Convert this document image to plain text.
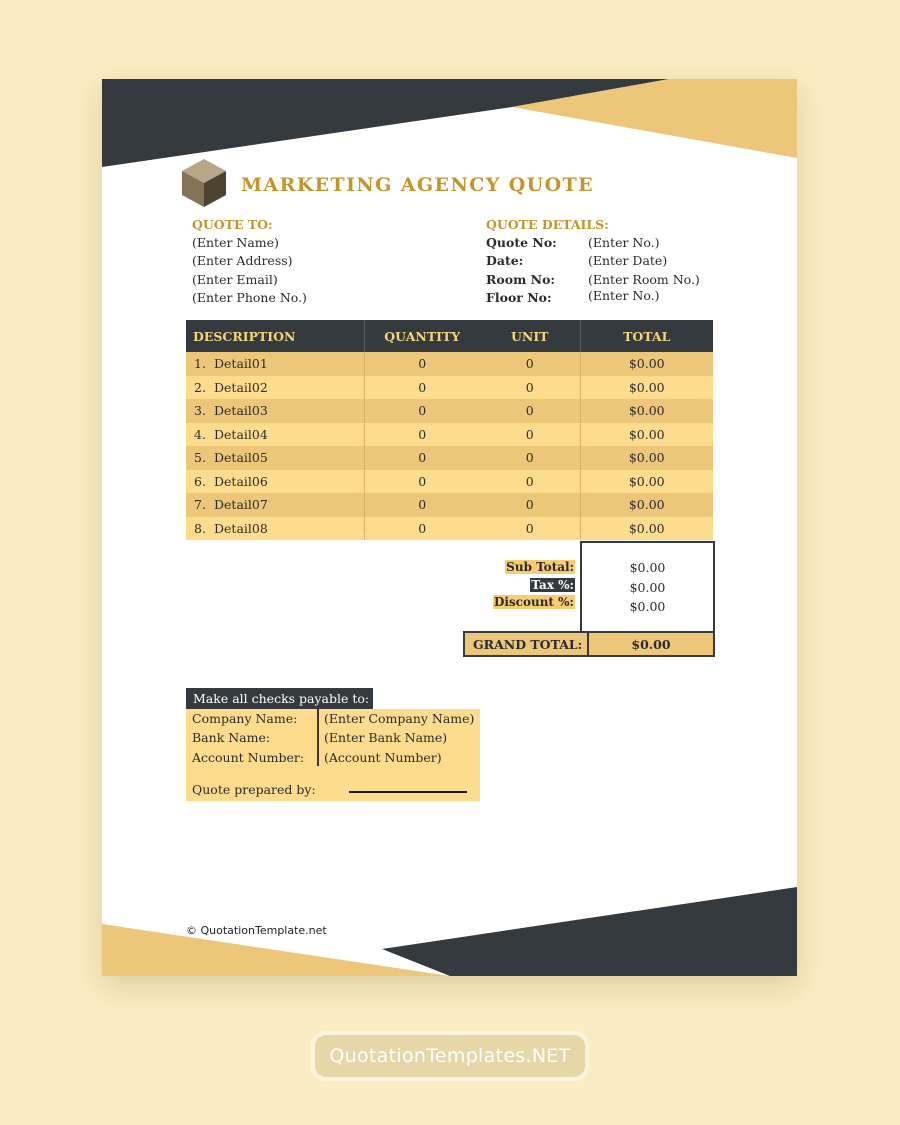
MARKETING AGENCY QUOTE
QUOTE TO:
(Enter Name)
(Enter Address)
(Enter Email)
(Enter Phone No.)
QUOTE DETAILS:
Quote No: (Enter No.)
Date:	(Enter Date)
Room No:	(Enter Room No.)
Floor No:	(Enter No.)
DESCRIPTION	QUANTITY	UNIT	TOTAL
1. Detail01	0	0	$0.00
2. Detail02	0	0	$0.00
3. Detail03	0	0	$0.00
4. Detail04	0	0	$0.00
5. Detail05	0	0	$0.00
6. Detail06	0	0	$0.00
7. Detail07	0	0	$0.00
8. Detail08	0	0	$0.00
Sub Total:	$0.00
Tax %:	$0.00
Discount %:	$0.00
GRAND TOTAL:	$0.00
Make all checks payable to:
Company Name: (Enter Company Name)
Bank Name:	(Enter Bank Name)
Account Number: (Account Number)
Quote prepared by:
© QuotationTemplate.net
QuotationTemplates.NET
